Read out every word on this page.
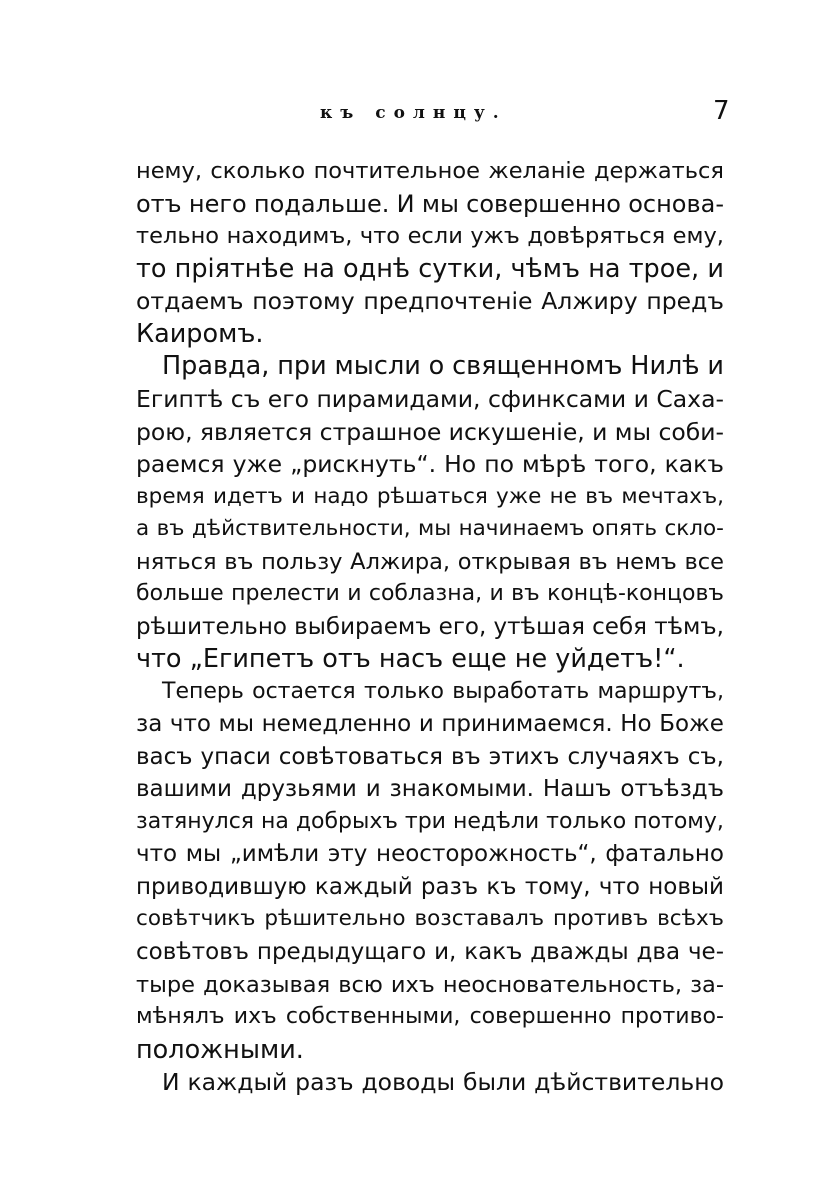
къ солнцу.	7
нему, сколько почтительное желаніе держаться
отъ него подальше. И мы совершенно основа-
тельно находимъ, что если ужъ довѣряться ему,
то пріятнѣе на однѣ сутки, чѣмъ на трое, и
отдаемъ поэтому предпочтеніе Алжиру предъ
Каиромъ.
Правда, при мысли о священномъ Нилѣ и
Египтѣ съ его пирамидами, сфинксами и Саха-
рою, является страшное искушеніе, и мы соби-
раемся уже „рискнуть“. Но по мѣрѣ того, какъ
время идетъ и надо рѣшаться уже не въ мечтахъ,
а въ дѣйствительности, мы начинаемъ опять скло-
няться въ пользу Алжира, открывая въ немъ все
больше прелести и соблазна, и въ концѣ-концовъ
рѣшительно выбираемъ его, утѣшая себя тѣмъ,
что „Египетъ отъ насъ еще не уйдетъ!“.
Теперь остается только выработать маршрутъ,
за что мы немедленно и принимаемся. Но Боже
васъ упаси совѣтоваться въ этихъ случаяхъ съ,
вашими друзьями и знакомыми. Нашъ отъѣздъ
затянулся на добрыхъ три недѣли только потому,
что мы „имѣли эту неосторожность“, фатально
приводившую каждый разъ къ тому, что новый
совѣтчикъ рѣшительно возставалъ противъ всѣхъ
совѣтовъ предыдущаго и, какъ дважды два че-
тыре доказывая всю ихъ неосновательность, за-
мѣнялъ ихъ собственными, совершенно противо-
положными.
И каждый разъ доводы были дѣйствительно
